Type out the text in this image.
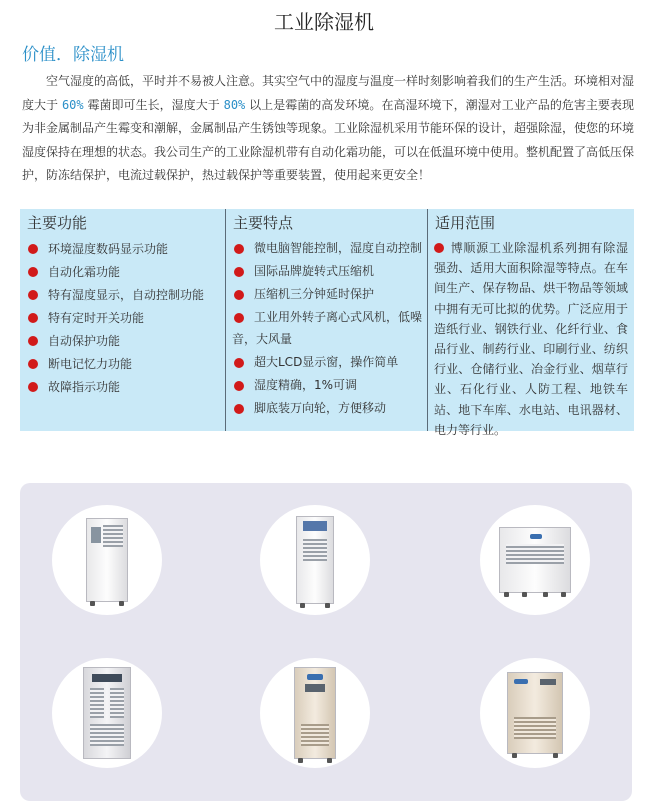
工业除湿机
价值．除湿机
空气湿度的高低，平时并不易被人注意。其实空气中的湿度与温度一样时刻影响着我们的生产生活。环境相对湿度大于 60% 霉菌即可生长，湿度大于 80% 以上是霉菌的高发环境。在高湿环境下，潮湿对工业产品的危害主要表现为非金属制品产生霉变和潮解，金属制品产生锈蚀等现象。工业除湿机采用节能环保的设计，超强除湿，使您的环境湿度保持在理想的状态。我公司生产的工业除湿机带有自动化霜功能，可以在低温环境中使用。整机配置了高低压保护，防冻结保护，电流过载保护，热过载保护等重要装置，使用起来更安全！
主要功能
环境湿度数码显示功能
自动化霜功能
特有湿度显示，自动控制功能
特有定时开关功能
自动保护功能
断电记忆力功能
故障指示功能
主要特点
微电脑智能控制，湿度自动控制
国际品牌旋转式压缩机
压缩机三分钟延时保护
工业用外转子离心式风机，低噪音，大风量
超大LCD显示窗，操作简单
湿度精确，1%可调
脚底装万向轮，方便移动
适用范围
博顺源工业除湿机系列拥有除湿强劲、适用大面积除湿等特点。在车间生产、保存物品、烘干物品等领域中拥有无可比拟的优势。广泛应用于造纸行业、钢铁行业、化纤行业、食品行业、制药行业、印刷行业、纺织行业、仓储行业、冶金行业、烟草行业、石化行业、人防工程、地铁车站、地下车库、水电站、电讯器材、电力等行业。
